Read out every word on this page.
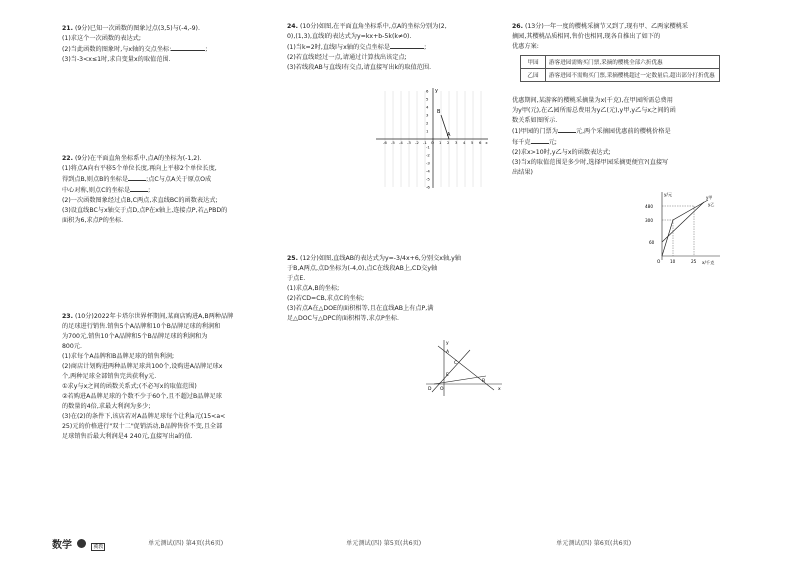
21. (9分)已知一次函数的图象过点(3,5)与(-4,-9).

(1)求这个一次函数的表达式;

(2)当此函数的图象时,与x轴的交点坐标:	;

(3)当-3<x≤1时,求自变量x的取值范围.

22. (9分)在平面直角坐标系中,点A的坐标为(-1,2).

(1)将点A向右平移5个单位长度,再向上平移2个单位长度,

得到点B,则点B的坐标是	;点C与点A关于原点O成

中心对称,则点C的坐标是	;

(2)一次函数图象经过点B,C两点,求直线BC的函数表达式;

(3)设直线BC与x轴交于点D,点P在x轴上,连接点P,若△PBD的

面积为6,求点P的坐标.

23. (10分)2022年卡塔尔世界杯期间,某商店购进A,B两种品牌

的足球进行销售.销售5个A品牌和10个B品牌足球的利润和

为700元,销售10个A品牌和5个B品牌足球的利润和为

800元.

(1)求每个A品牌和B品牌足球的销售利润;

(2)商店计划购进两种品牌足球共100个,设购进A品牌足球x

个,两种足球全部销售完共获利y元.

①求y与x之间的函数关系式;(不必写x的取值范围)

②若购进A品牌足球的个数不少于60个,且不超过B品牌足球

的数量的4倍,求最大利润为多少;

(3)在(2)的条件下,该店若对A品牌足球每个让利a元(15<a<

25)元的价格进行"双十二"促销活动,B品牌售价不变,且全部

足球销售后最大利润是4 240元,直接写出a的值.

数学	冀教	单元测试(四) 第4页(共6页)

24. (10分)如图,在平面直角坐标系中,点A的坐标分别为(2,

0),(1,3),直线l的表达式为y=kx+b-5k(k≠0).

(1)当k=2时,直线l与x轴的交点坐标是	;

(2)若直线l经过一点,请通过计算找出该定点;

(3)若线段AB与直线l有交点,请直接写出k的取值范围.

25. (12分)如图,直线AB的表达式为y=-3/4x+6,分别交x轴,y轴

于B,A两点,点D坐标为(-4,0),点C在线段AB上,CD交y轴

于点E.

(1)求点A,B的坐标;

(2)若CD=CB,求点C的坐标;

(3)若点A在△DOE的面积相等,且在直线AB上有点P,满

足△DOC与△DPC的面积相等,求点P坐标.

y
B
A
-6 -5 -4 -3 -2 -1 O 1 2 3 4 5 6 x
6
5
4
3
2
1
-1
-2
-3
-4
-5
-6
y
A
C
E
D O
B
x
单元测试(四) 第5页(共6页)

26. (13分)一年一度的樱桃采摘节又到了,现有甲、乙两家樱桃采

摘园,其樱桃品质相同,售价也相同,现各自推出了如下的

优惠方案:

优惠期间,某游客的樱桃采摘量为x(千克),在甲园所需总费用

为y甲(元),在乙园所需总费用为y乙(元),y甲,y乙与x之间的函

数关系如图所示.

(1)甲园的门票为	元,两个采摘园优惠前的樱桃价格是

每千克	元;

(2)求x>10时,y乙与x的函数表达式;

(3)当x的取值范围是多少时,选择甲园采摘更便宜?(直接写

出结果)

甲园	游客进园需购买门票,采摘的樱桃全部六折优惠
乙园	游客进园不需购买门票,采摘樱桃超过一定数量后,超出部分打折优惠
y/元
x/千克
480
300
60
O 10	25
y甲
y乙
单元测试(四) 第6页(共6页)
